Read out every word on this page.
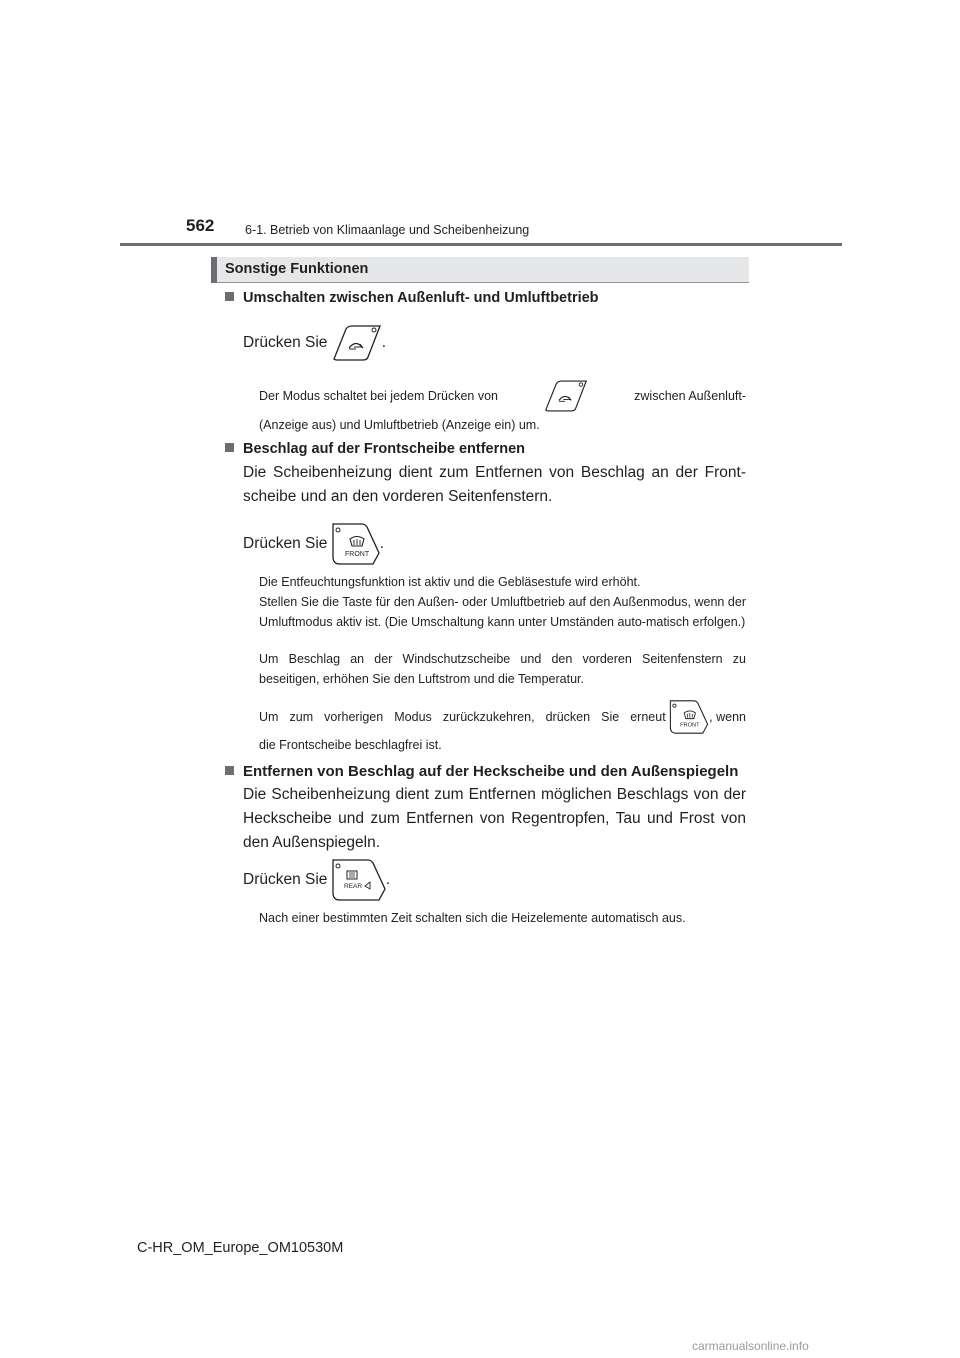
562 6-1. Betrieb von Klimaanlage und Scheibenheizung
Sonstige Funktionen
Umschalten zwischen Außenluft- und Umluftbetrieb
Drücken Sie
	.
Der Modus schaltet bei jedem Drücken von	zwischen Außenluft-
(Anzeige aus) und Umluftbetrieb (Anzeige ein) um.
Beschlag auf der Frontscheibe entfernen
Die Scheibenheizung dient zum Entfernen von Beschlag an der Front-scheibe und an den vorderen Seitenfenstern.
Drücken Sie

FRONT
.
Die Entfeuchtungsfunktion ist aktiv und die Gebläsestufe wird erhöht.
Stellen Sie die Taste für den Außen- oder Umluftbetrieb auf den Außenmodus, wenn der Umluftmodus aktiv ist. (Die Umschaltung kann unter Umständen auto-matisch erfolgen.)
Um Beschlag an der Windschutzscheibe und den vorderen Seitenfenstern zu beseitigen, erhöhen Sie den Luftstrom und die Temperatur.
Um zum vorherigen Modus zurückzukehren, drücken Sie erneut

FRONT
, wenn
die Frontscheibe beschlagfrei ist.
Entfernen von Beschlag auf der Heckscheibe und den Außenspiegeln
Die Scheibenheizung dient zum Entfernen möglichen Beschlags von der Heckscheibe und zum Entfernen von Regentropfen, Tau und Frost von den Außenspiegeln.
Drücken Sie
	REAR .
Nach einer bestimmten Zeit schalten sich die Heizelemente automatisch aus.
C-HR_OM_Europe_OM10530M
carmanualsonline.info
